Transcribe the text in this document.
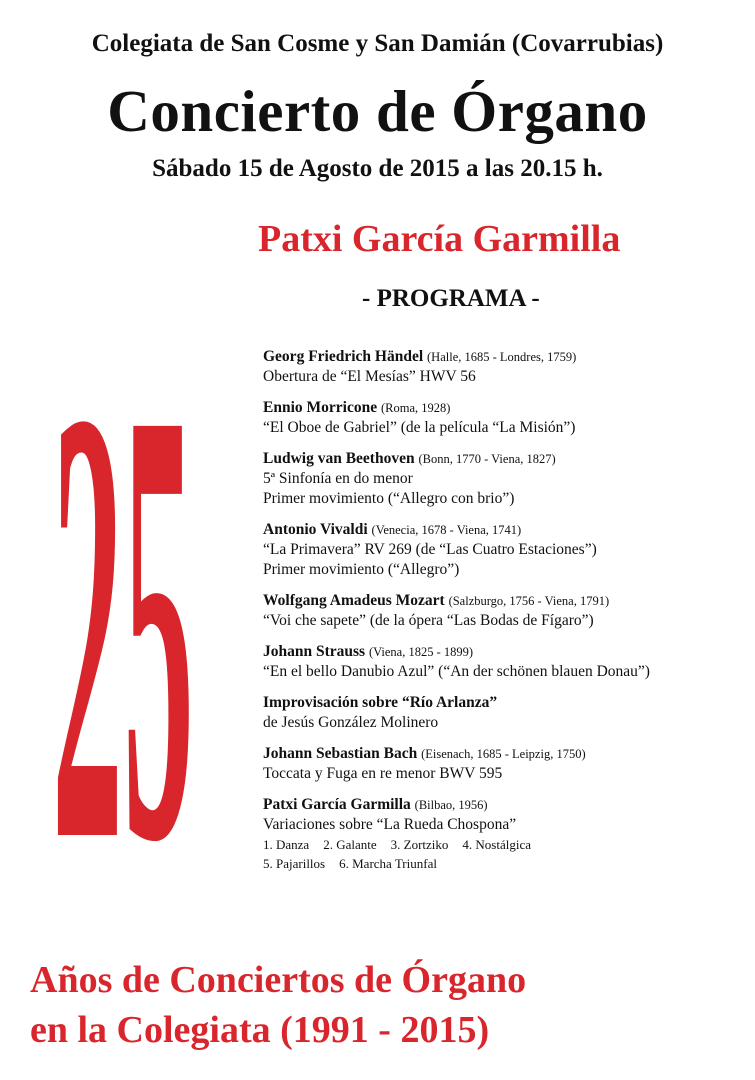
Colegiata de San Cosme y San Damián (Covarrubias)
Concierto de Órgano
Sábado 15 de Agosto de 2015 a las 20.15 h.
25
Patxi García Garmilla
- PROGRAMA -
Georg Friedrich Händel (Halle, 1685 - Londres, 1759)
Obertura de “El Mesías” HWV 56
Ennio Morricone (Roma, 1928)
“El Oboe de Gabriel” (de la película “La Misión”)
Ludwig van Beethoven (Bonn, 1770 - Viena, 1827)
5ª Sinfonía en do menor
Primer movimiento (“Allegro con brio”)
Antonio Vivaldi (Venecia, 1678 - Viena, 1741)
“La Primavera” RV 269 (de “Las Cuatro Estaciones”)
Primer movimiento (“Allegro”)
Wolfgang Amadeus Mozart (Salzburgo, 1756 - Viena, 1791)
“Voi che sapete” (de la ópera “Las Bodas de Fígaro”)
Johann Strauss (Viena, 1825 - 1899)
“En el bello Danubio Azul” (“An der schönen blauen Donau”)
Improvisación sobre “Río Arlanza”
de Jesús González Molinero
Johann Sebastian Bach (Eisenach, 1685 - Leipzig, 1750)
Toccata y Fuga en re menor BWV 595
Patxi García Garmilla (Bilbao, 1956)
Variaciones sobre “La Rueda Chospona”
1. Danza 2. Galante 3. Zortziko 4. Nostálgica
5. Pajarillos 6. Marcha Triunfal
Años de Conciertos de Órgano
en la Colegiata (1991 - 2015)
